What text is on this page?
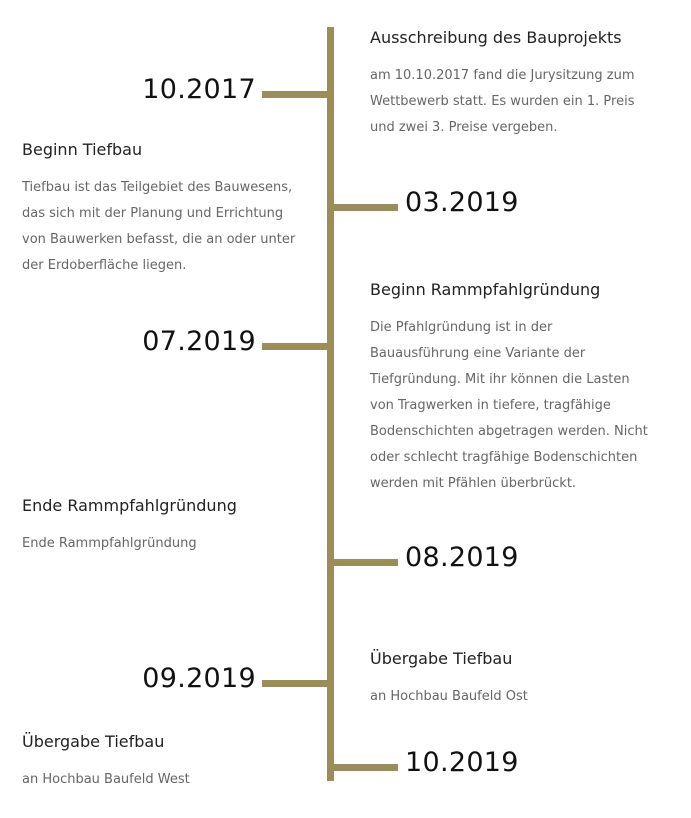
10.2017
Ausschreibung des Bauprojekts

am 10.10.2017 fand die Jurysitzung zum Wettbewerb statt. Es wurden ein 1. Preis und zwei 3. Preise vergeben.

03.2019
Beginn Tiefbau

Tiefbau ist das Teilgebiet des Bauwesens, das sich mit der Planung und Errichtung von Bauwerken befasst, die an oder unter der Erdoberfläche liegen.

07.2019
Beginn Rammpfahlgründung

Die Pfahlgründung ist in der Bauausführung eine Variante der Tiefgründung. Mit ihr können die Lasten von Tragwerken in tiefere, tragfähige Bodenschichten abgetragen werden. Nicht oder schlecht tragfähige Bodenschichten werden mit Pfählen überbrückt.

08.2019
Ende Rammpfahlgründung

Ende Rammpfahlgründung

09.2019
Übergabe Tiefbau

an Hochbau Baufeld Ost

10.2019
Übergabe Tiefbau

an Hochbau Baufeld West
